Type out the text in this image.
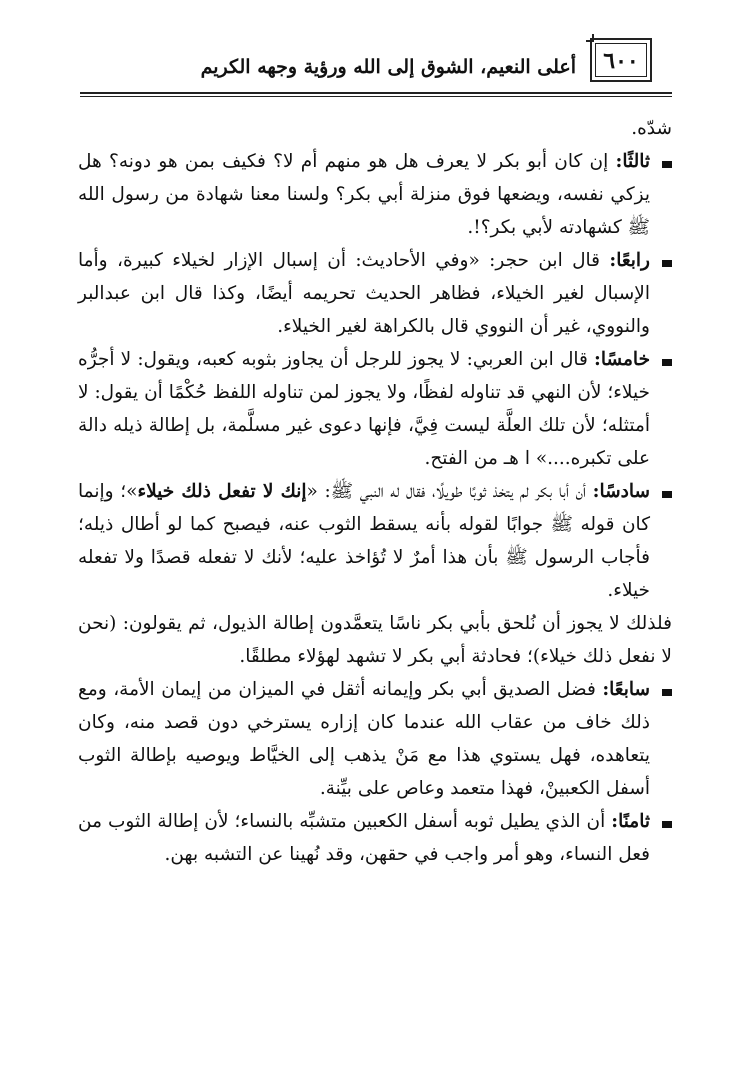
٦٠٠
أعلى النعيم، الشوق إلى الله ورؤية وجهه الكريم

شدّه.

ثالثًا: إن كان أبو بكر لا يعرف هل هو منهم أم لا؟ فكيف بمن هو دونه؟ هل يزكي نفسه، ويضعها فوق منزلة أبي بكر؟ ولسنا معنا شهادة من رسول الله ﷺ كشهادته لأبي بكر؟!.

رابعًا: قال ابن حجر: «وفي الأحاديث: أن إسبال الإزار لخيلاء كبيرة، وأما الإسبال لغير الخيلاء، فظاهر الحديث تحريمه أيضًا، وكذا قال ابن عبدالبر والنووي، غير أن النووي قال بالكراهة لغير الخيلاء.

خامسًا: قال ابن العربي: لا يجوز للرجل أن يجاوز بثوبه كعبه، ويقول: لا أجرُّه خيلاء؛ لأن النهي قد تناوله لفظًا، ولا يجوز لمن تناوله اللفظ حُكْمًا أن يقول: لا أمتثله؛ لأن تلك العلَّة ليست فِيَّ، فإنها دعوى غير مسلَّمة، بل إطالة ذيله دالة على تكبره....» ا هـ من الفتح.

سادسًا: أن أبا بكر لم يتخذ ثوبًا طويلًا، فقال له النبي ﷺ: «إنك لا تفعل ذلك خيلاء»؛ وإنما كان قوله ﷺ جوابًا لقوله بأنه يسقط الثوب عنه، فيصبح كما لو أطال ذيله؛ فأجاب الرسول ﷺ بأن هذا أمرٌ لا تُؤاخذ عليه؛ لأنك لا تفعله قصدًا ولا تفعله خيلاء.

فلذلك لا يجوز أن نُلحق بأبي بكر ناسًا يتعمَّدون إطالة الذيول، ثم يقولون: (نحن لا نفعل ذلك خيلاء)؛ فحادثة أبي بكر لا تشهد لهؤلاء مطلقًا.

سابعًا: فضل الصديق أبي بكر وإيمانه أثقل في الميزان من إيمان الأمة، ومع ذلك خاف من عقاب الله عندما كان إزاره يسترخي دون قصد منه، وكان يتعاهده، فهل يستوي هذا مع مَنْ يذهب إلى الخيَّاط ويوصيه بإطالة الثوب أسفل الكعبينْ، فهذا متعمد وعاص على بيِّنة.

ثامنًا: أن الذي يطيل ثوبه أسفل الكعبين متشبِّه بالنساء؛ لأن إطالة الثوب من فعل النساء، وهو أمر واجب في حقهن، وقد نُهينا عن التشبه بهن.
